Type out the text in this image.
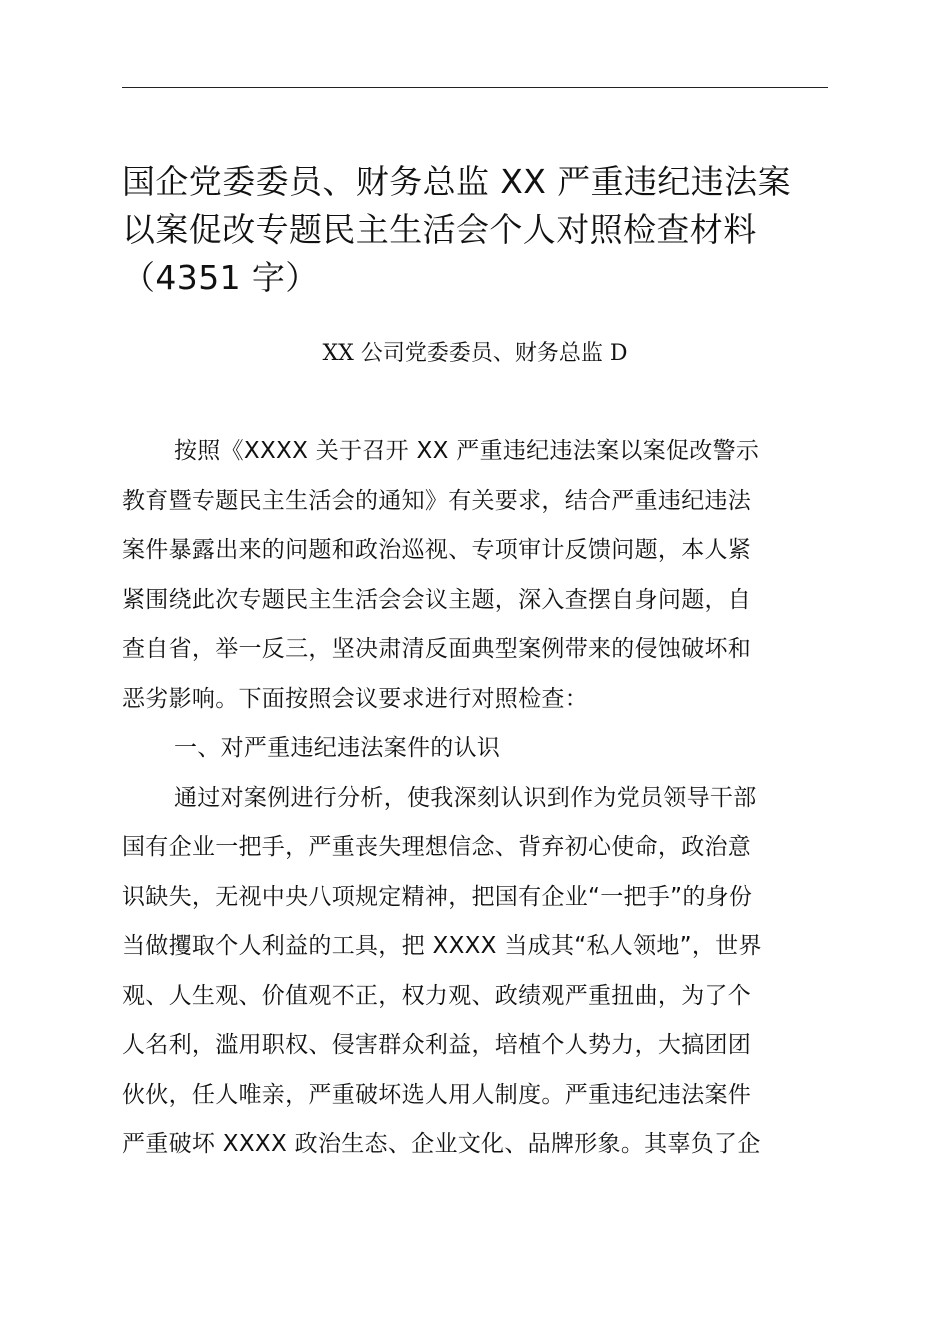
国企党委委员、财务总监 XX 严重违纪违法案
以案促改专题民主生活会个人对照检查材料
（4351 字）
XX 公司党委委员、财务总监 D
按照《XXXX 关于召开 XX 严重违纪违法案以案促改警示
教育暨专题民主生活会的通知》有关要求，结合严重违纪违法
案件暴露出来的问题和政治巡视、专项审计反馈问题，本人紧
紧围绕此次专题民主生活会会议主题，深入查摆自身问题，自
查自省，举一反三，坚决肃清反面典型案例带来的侵蚀破坏和
恶劣影响。下面按照会议要求进行对照检查：
一、对严重违纪违法案件的认识
通过对案例进行分析，使我深刻认识到作为党员领导干部
国有企业一把手，严重丧失理想信念、背弃初心使命，政治意
识缺失，无视中央八项规定精神，把国有企业“一把手”的身份
当做攫取个人利益的工具，把 XXXX 当成其“私人领地”，世界
观、人生观、价值观不正，权力观、政绩观严重扭曲，为了个
人名利，滥用职权、侵害群众利益，培植个人势力，大搞团团
伙伙，任人唯亲，严重破坏选人用人制度。严重违纪违法案件
严重破坏 XXXX 政治生态、企业文化、品牌形象。其辜负了企
